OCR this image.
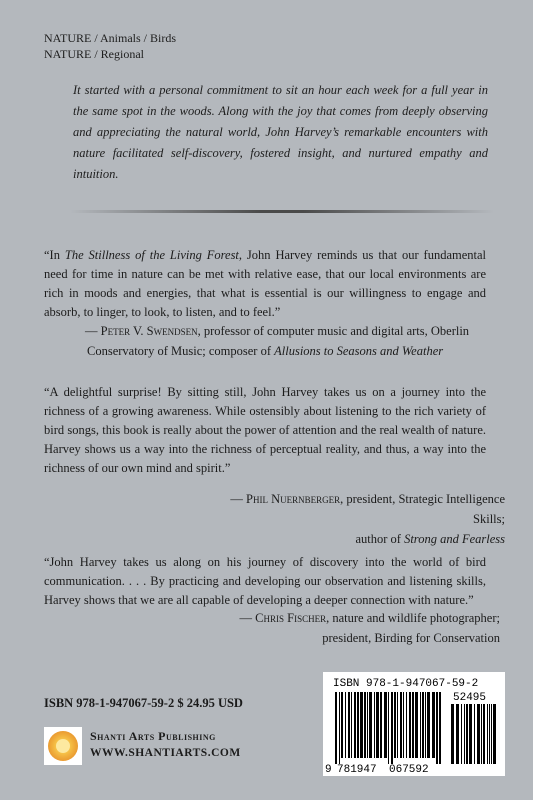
NATURE / Animals / Birds
NATURE / Regional
It started with a personal commitment to sit an hour each week for a full year in the same spot in the woods. Along with the joy that comes from deeply observing and appreciating the natural world, John Harvey’s remarkable encounters with nature facilitated self-discovery, fostered insight, and nurtured empathy and intuition.
“In The Stillness of the Living Forest, John Harvey reminds us that our fundamental need for time in nature can be met with relative ease, that our local environments are rich in moods and energies, that what is essential is our willingness to engage and absorb, to linger, to look, to listen, and to feel.”
— Peter V. Swendsen, professor of computer music and digital arts, Oberlin Conservatory of Music; composer of Allusions to Seasons and Weather
“A delightful surprise! By sitting still, John Harvey takes us on a journey into the richness of a growing awareness. While ostensibly about listening to the rich variety of bird songs, this book is really about the power of attention and the real wealth of nature. Harvey shows us a way into the richness of perceptual reality, and thus, a way into the richness of our own mind and spirit.”
— Phil Nuernberger, president, Strategic Intelligence Skills;
author of Strong and Fearless
“John Harvey takes us along on his journey of discovery into the world of bird communication. . . . By practicing and developing our observation and listening skills, Harvey shows that we are all capable of developing a deeper connection with nature.”
— Chris Fischer, nature and wildlife photographer;
president, Birding for Conservation
ISBN 978-1-947067-59-2 $ 24.95 USD
Shanti Arts Publishing
WWW.SHANTIARTS.COM
ISBN 978-1-947067-59-2
52495
9 781947 067592
